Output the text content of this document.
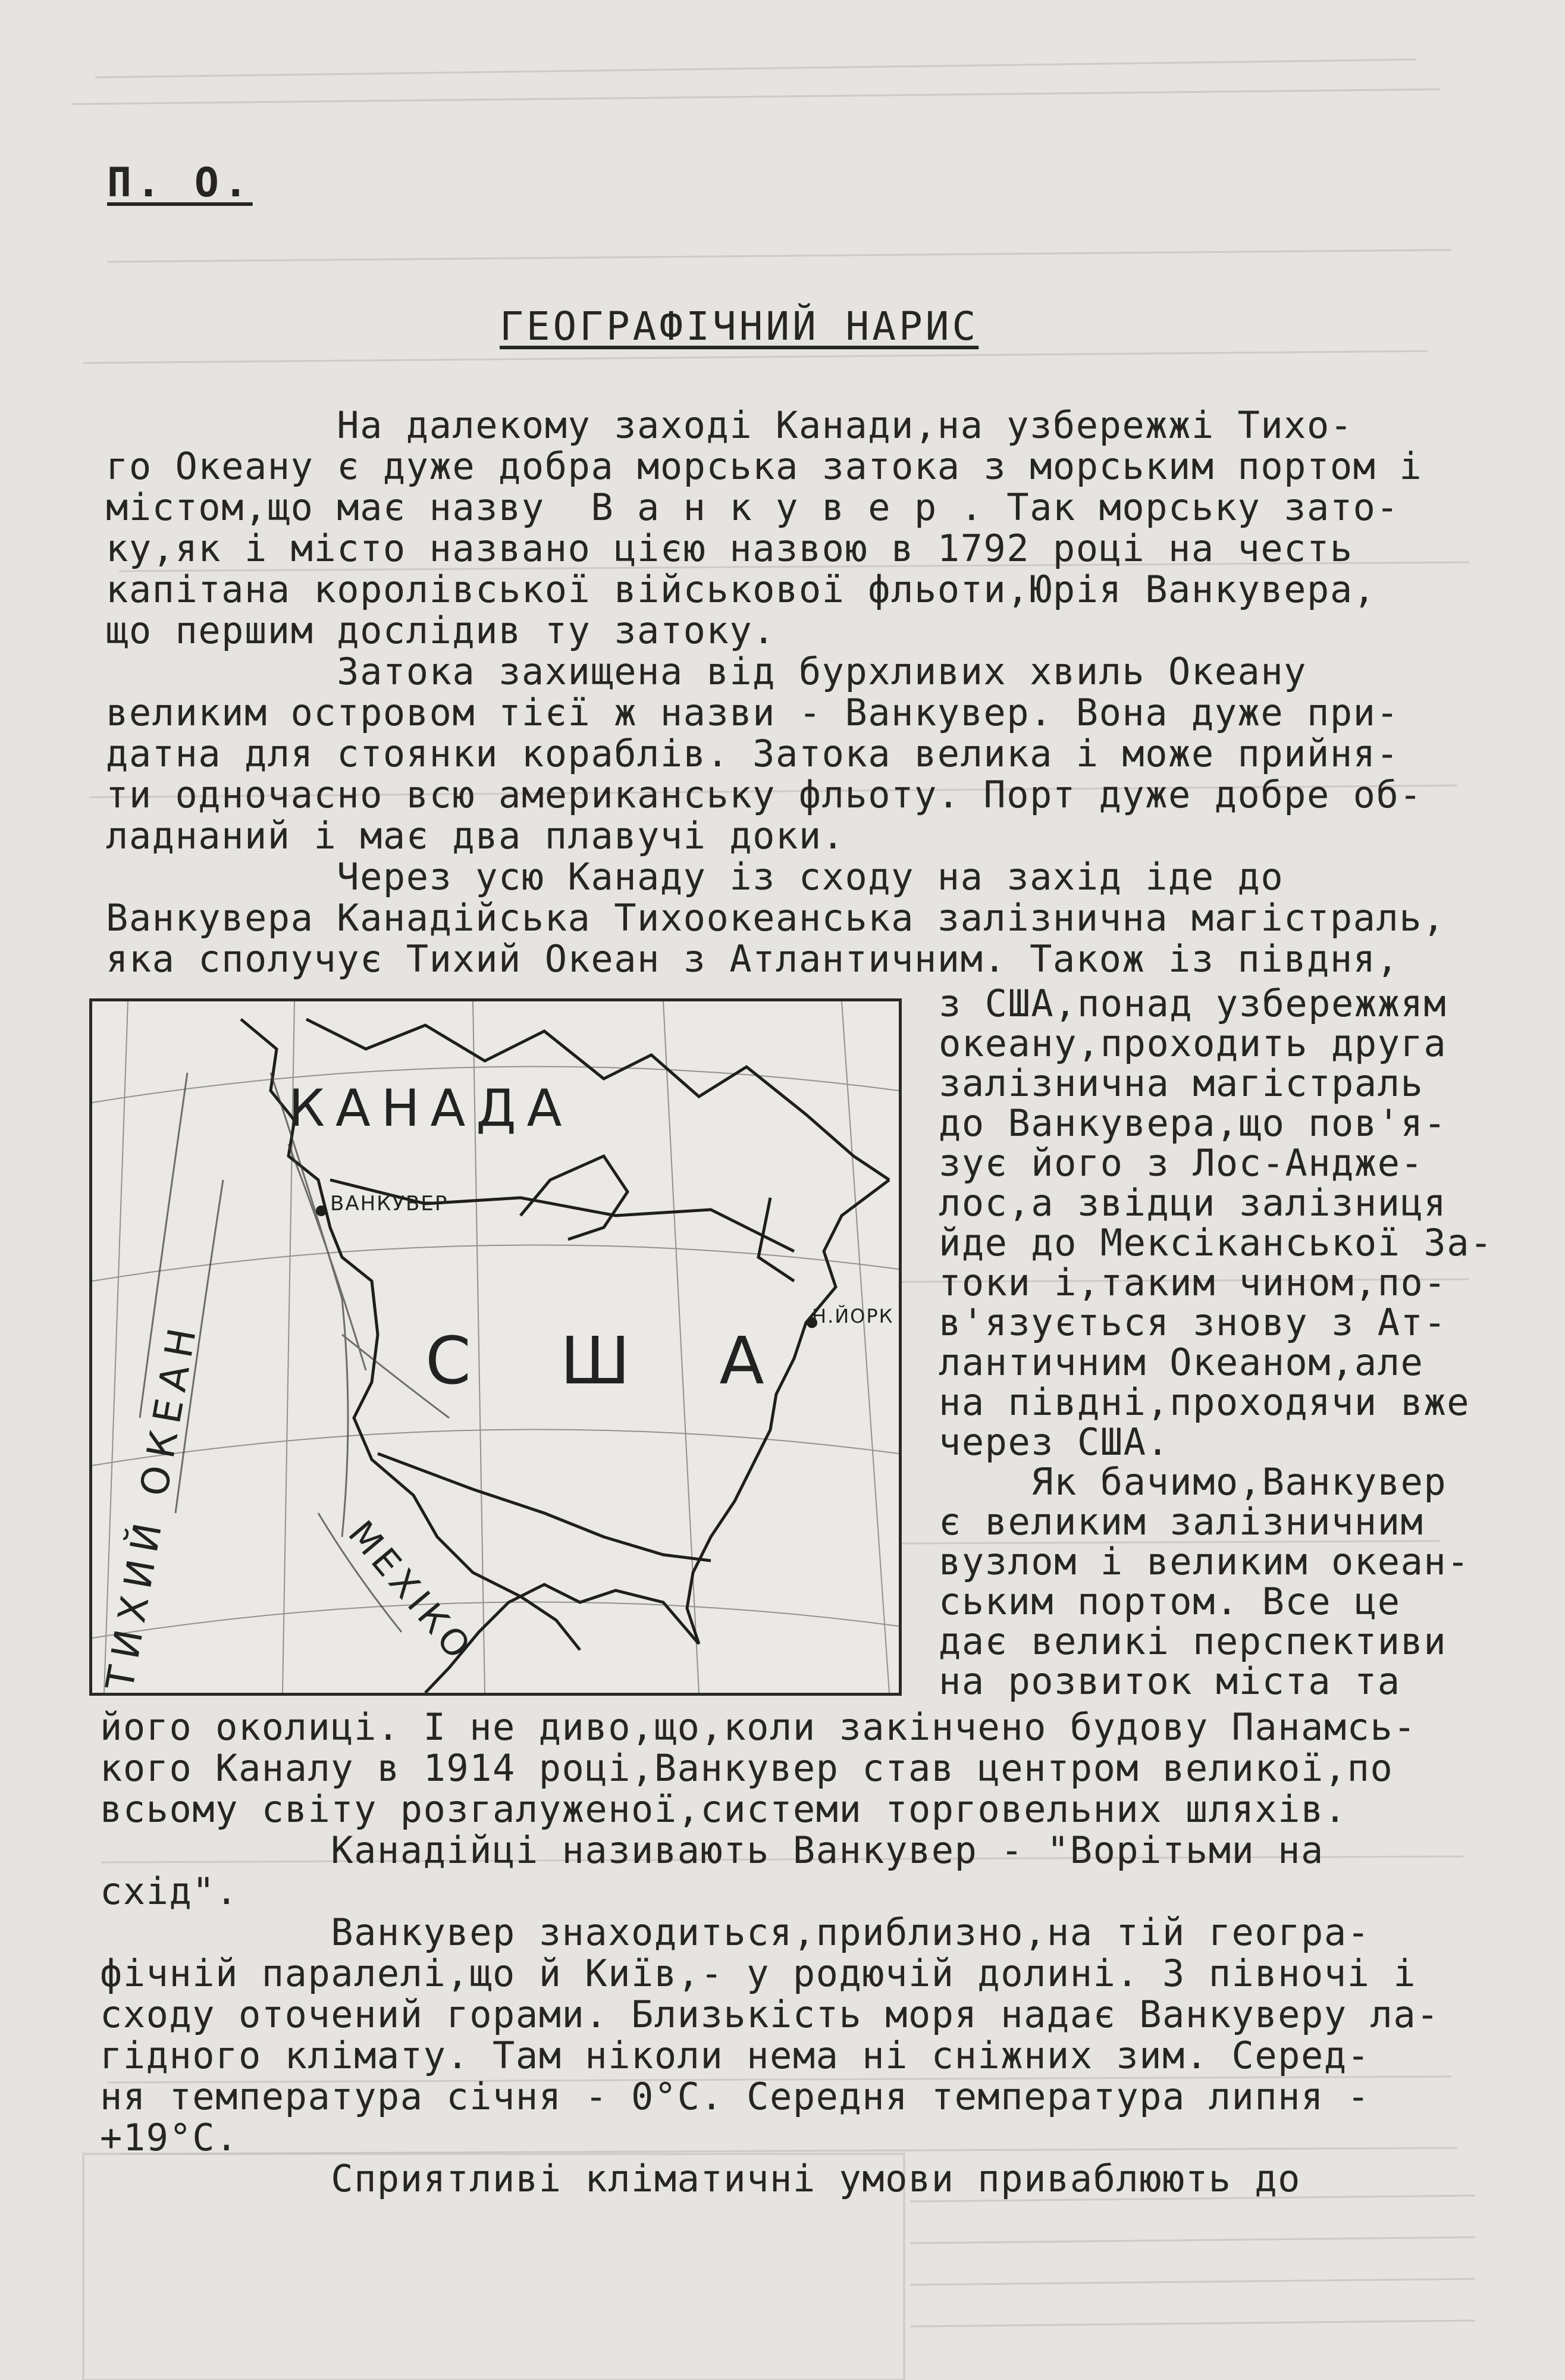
П. О.
ГЕОГРАФІЧНИЙ НАРИС
На далекому заході Канади,на узбережжі Тихо-
го Океану є дуже добра морська затока з морським портом і
містом,що має назву  В а н к у в е р . Так морську зато-
ку,як і місто названо цією назвою в 1792 році на честь
капітана королівської військової фльоти,Юрія Ванкувера,
що першим дослідив ту затоку.
Затока захищена від бурхливих хвиль Океану
великим островом тієї ж назви - Ванкувер. Вона дуже при-
датна для стоянки кораблів. Затока велика і може прийня-
ти одночасно всю американську фльоту. Порт дуже добре об-
ладнаний і має два плавучі доки.
Через усю Канаду із сходу на захід іде до
Ванкувера Канадійська Тихоокеанська залізнична магістраль,
яка сполучує Тихий Океан з Атлантичним. Також із півдня,
КАНАДА
США
МЕХІКО
ТИХИЙ ОКЕАН
ВАНКУВЕР
Н.ЙОРК
з США,понад узбережжям
океану,проходить друга
залізнична магістраль
до Ванкувера,що пов'я-
зує його з Лос-Андже-
лос,а звідци залізниця
йде до Мексіканської За-
токи і,таким чином,по-
в'язується знову з Ат-
лантичним Океаном,але
на півдні,проходячи вже
через США.
Як бачимо,Ванкувер
є великим залізничним
вузлом і великим океан-
ським портом. Все це
дає великі перспективи
на розвиток міста та
його околиці. І не диво,що,коли закінчено будову Панамсь-
кого Каналу в 1914 році,Ванкувер став центром великої,по
всьому світу розгалуженої,системи торговельних шляхів.
Канадійці називають Ванкувер - "Ворітьми на
схід".
Ванкувер знаходиться,приблизно,на тій геогра-
фічній паралелі,що й Київ,- у родючій долині. З півночі і
сходу оточений горами. Близькість моря надає Ванкуверу ла-
гідного клімату. Там ніколи нема ні сніжних зим. Серед-
ня температура січня - 0°С. Середня температура липня -
+19°С.
Сприятливі кліматичні умови приваблюють до
